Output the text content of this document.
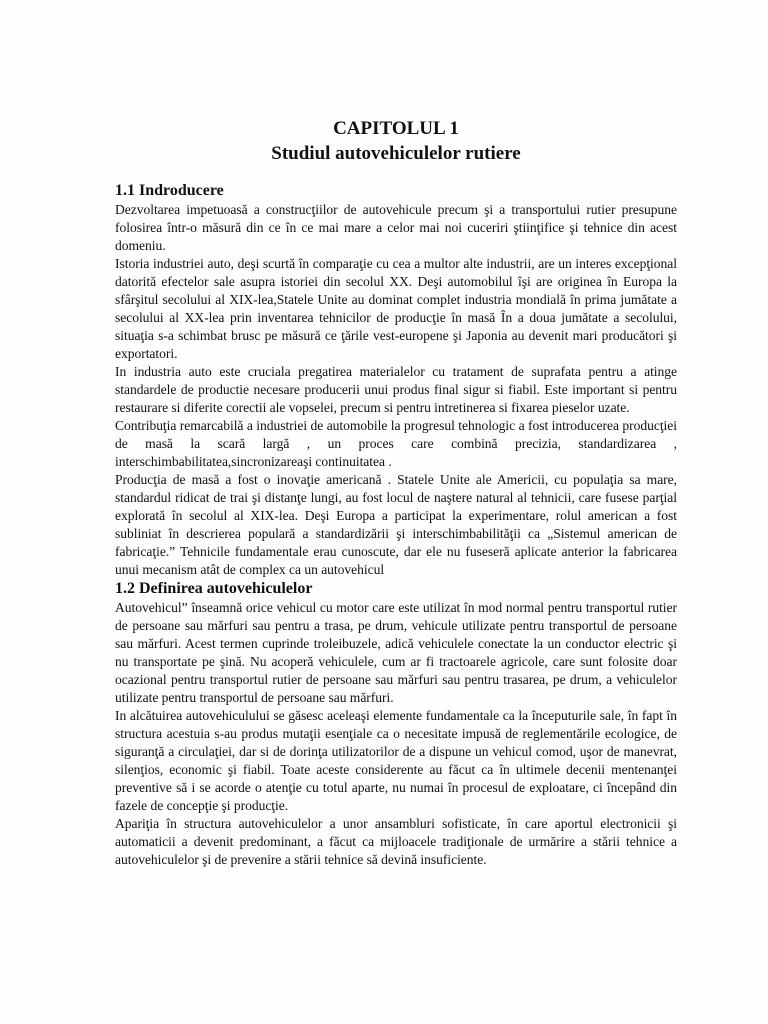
CAPITOLUL 1
Studiul autovehiculelor rutiere
1.1 Indroducere

Dezvoltarea impetuoasă a construcţiilor de autovehicule precum şi a transportului rutier presupune folosirea într-o măsură din ce în ce mai mare a celor mai noi cuceriri ştiinţifice şi tehnice din acest domeniu.

Istoria industriei auto, deşi scurtă în comparaţie cu cea a multor alte industrii, are un interes excepţional datorită efectelor sale asupra istoriei din secolul XX. Deşi automobilul îşi are originea în Europa la sfârşitul secolului al XIX-lea,Statele Unite au dominat complet industria mondială în prima jumătate a secolului al XX-lea prin inventarea tehnicilor de producţie în masă În a doua jumătate a secolului, situaţia s-a schimbat brusc pe măsură ce ţările vest-europene şi Japonia au devenit mari producători şi exportatori.

In industria auto este cruciala pregatirea materialelor cu tratament de suprafata pentru a atinge standardele de productie necesare producerii unui produs final sigur si fiabil. Este important si pentru restaurare si diferite corectii ale vopselei, precum si pentru intretinerea si fixarea pieselor uzate.

Contribuţia remarcabilă a industriei de automobile la progresul tehnologic a fost introducerea producţiei de masă la scară largă , un proces care combină precizia, standardizarea , interschimbabilitatea,sincronizareaşi continuitatea .

Producţia de masă a fost o inovaţie americană . Statele Unite ale Americii, cu populaţia sa mare, standardul ridicat de trai şi distanţe lungi, au fost locul de naştere natural al tehnicii, care fusese parţial explorată în secolul al XIX-lea. Deşi Europa a participat la experimentare, rolul american a fost subliniat în descrierea populară a standardizării şi interschimbabilităţii ca „Sistemul american de fabricaţie.” Tehnicile fundamentale erau cunoscute, dar ele nu fuseseră aplicate anterior la fabricarea unui mecanism atât de complex ca un autovehicul

1.2 Definirea autovehiculelor

Autovehicul” înseamnă orice vehicul cu motor care este utilizat în mod normal pentru transportul rutier de persoane sau mărfuri sau pentru a trasa, pe drum, vehicule utilizate pentru transportul de persoane sau mărfuri. Acest termen cuprinde troleibuzele, adică vehiculele conectate la un conductor electric şi nu transportate pe şină. Nu acoperă vehiculele, cum ar fi tractoarele agricole, care sunt folosite doar ocazional pentru transportul rutier de persoane sau mărfuri sau pentru trasarea, pe drum, a vehiculelor utilizate pentru transportul de persoane sau mărfuri.

In alcătuirea autovehiculului se găsesc aceleaşi elemente fundamentale ca la începuturile sale, în fapt în structura acestuia s-au produs mutaţii esenţiale ca o necesitate impusă de reglementările ecologice, de siguranţă a circulaţiei, dar si de dorinţa utilizatorilor de a dispune un vehicul comod, uşor de manevrat, silenţios, economic şi fiabil. Toate aceste considerente au făcut ca în ultimele decenii mentenanţei preventive să i se acorde o atenţie cu totul aparte, nu numai în procesul de exploatare, ci începând din fazele de concepţie şi producţie.

Apariţia în structura autovehiculelor a unor ansambluri sofisticate, în care aportul electronicii şi automaticii a devenit predominant, a făcut ca mijloacele tradiţionale de urmărire a stării tehnice a autovehiculelor şi de prevenire a stării tehnice să devină insuficiente.
